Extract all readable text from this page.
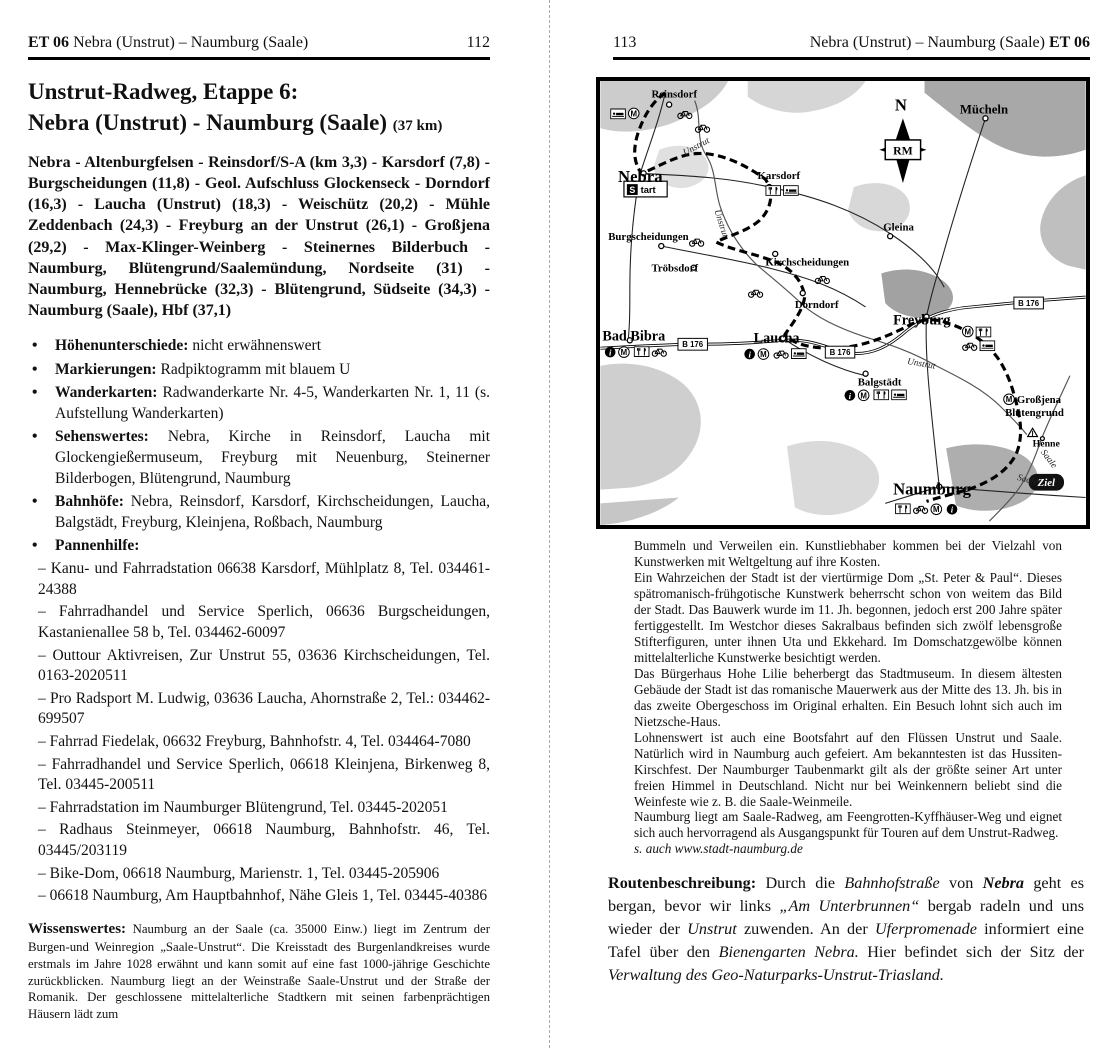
ET 06 Nebra (Unstrut) – Naumburg (Saale)	112
Unstrut-Radweg, Etappe 6:
Nebra (Unstrut) - Naumburg (Saale) (37 km)

Nebra - Altenburgfelsen - Reinsdorf/S-A (km 3,3) - Karsdorf (7,8) - Burgscheidungen (11,8) - Geol. Aufschluss Glockenseck - Dorndorf (16,3) - Laucha (Unstrut) (18,3) - Weischütz (20,2) - Mühle Zeddenbach (24,3) - Freyburg an der Unstrut (26,1) - Großjena (29,2) - Max-Klinger-Weinberg - Steinernes Bilderbuch - Naumburg, Blütengrund/Saalemündung, Nordseite (31) - Naumburg, Hennebrücke (32,3) - Blütengrund, Südseite (34,3) - Naumburg (Saale), Hbf (37,1)

• Höhenunterschiede: nicht erwähnenswert
• Markierungen: Radpiktogramm mit blauem U
• Wanderkarten: Radwanderkarte Nr. 4-5, Wanderkarten Nr. 1, 11 (s. Aufstellung Wanderkarten)
• Sehenswertes: Nebra, Kirche in Reinsdorf, Laucha mit Glockengießermuseum, Freyburg mit Neuenburg, Steinerner Bilderbogen, Blütengrund, Naumburg
• Bahnhöfe: Nebra, Reinsdorf, Karsdorf, Kirchscheidungen, Laucha, Balgstädt, Freyburg, Kleinjena, Roßbach, Naumburg
• Pannenhilfe:

– Kanu- und Fahrradstation 06638 Karsdorf, Mühlplatz 8, Tel. 034461-24388

– Fahrradhandel und Service Sperlich, 06636 Burgscheidungen, Kastanienallee 58 b, Tel. 034462-60097

– Outtour Aktivreisen, Zur Unstrut 55, 03636 Kirchscheidungen, Tel. 0163-2020511

– Pro Radsport M. Ludwig, 03636 Laucha, Ahornstraße 2, Tel.: 034462-699507

– Fahrrad Fiedelak, 06632 Freyburg, Bahnhofstr. 4, Tel. 034464-7080

– Fahrradhandel und Service Sperlich, 06618 Kleinjena, Birkenweg 8, Tel. 03445-200511

– Fahrradstation im Naumburger Blütengrund, Tel. 03445-202051

– Radhaus Steinmeyer, 06618 Naumburg, Bahnhofstr. 46, Tel. 03445/203119

– Bike-Dom, 06618 Naumburg, Marienstr. 1, Tel. 03445-205906

– 06618 Naumburg, Am Hauptbahnhof, Nähe Gleis 1, Tel. 03445-40386

Wissenswertes: Naumburg an der Saale (ca. 35000 Einw.) liegt im Zentrum der Burgen-und Weinregion „Saale-Unstrut“. Die Kreisstadt des Burgenlandkreises wurde erstmals im Jahre 1028 erwähnt und kann somit auf eine fast 1000-jährige Geschichte zurückblicken. Naumburg liegt an der Weinstraße Saale-Unstrut und der Straße der Romanik. Der geschlossene mittelalterliche Stadtkern mit seinen farbenprächtigen Häusern lädt zum

113	Nebra (Unstrut) – Naumburg (Saale) ET 06
N
RM
M
M	M
M
M
M
M
i	i
i
i
B 176
B 176
B 176
S tart
Ziel
Reinsdorf
Mücheln
Nebra	Karsdorf
Gleina
Burgscheidungen
Kirchscheidungen
Tröbsdorf
Dorndorf
Freyburg
Bad Bibra	Laucha
Balgstädt
Großjena
Blütengrund
Henne
Naumburg
Unstrut
Unstrut
Unstrut
Saale
Saale

Bummeln und Verweilen ein. Kunstliebhaber kommen bei der Vielzahl von Kunstwerken mit Weltgeltung auf ihre Kosten.

Ein Wahrzeichen der Stadt ist der viertürmige Dom „St. Peter & Paul“. Dieses spätromanisch-frühgotische Kunstwerk beherrscht schon von weitem das Bild der Stadt. Das Bauwerk wurde im 11. Jh. begonnen, jedoch erst 200 Jahre später fertiggestellt. Im Westchor dieses Sakralbaus befinden sich zwölf lebensgroße Stifterfiguren, unter ihnen Uta und Ekkehard. Im Domschatzgewölbe können mittelalterliche Kunstwerke besichtigt werden.

Das Bürgerhaus Hohe Lilie beherbergt das Stadtmuseum. In diesem ältesten Gebäude der Stadt ist das romanische Mauerwerk aus der Mitte des 13. Jh. bis in das zweite Obergeschoss im Original erhalten. Ein Besuch lohnt sich auch im Nietzsche-Haus.

Lohnenswert ist auch eine Bootsfahrt auf den Flüssen Unstrut und Saale. Natürlich wird in Naumburg auch gefeiert. Am bekanntesten ist das Hussiten-Kirschfest. Der Naumburger Taubenmarkt gilt als der größte seiner Art unter freien Himmel in Deutschland. Nicht nur bei Weinkennern beliebt sind die Weinfeste wie z. B. die Saale-Weinmeile.

Naumburg liegt am Saale-Radweg, am Feengrotten-Kyffhäuser-Weg und eignet sich auch hervorragend als Ausgangspunkt für Touren auf dem Unstrut-Radweg.

s. auch www.stadt-naumburg.de

Routenbeschreibung: Durch die Bahnhofstraße von Nebra geht es bergan, bevor wir links „Am Unterbrunnen“ bergab radeln und uns wieder der Unstrut zuwenden. An der Uferpromenade informiert eine Tafel über den Bienengarten Nebra. Hier befindet sich der Sitz der Verwaltung des Geo-Naturparks-Unstrut-Triasland.
